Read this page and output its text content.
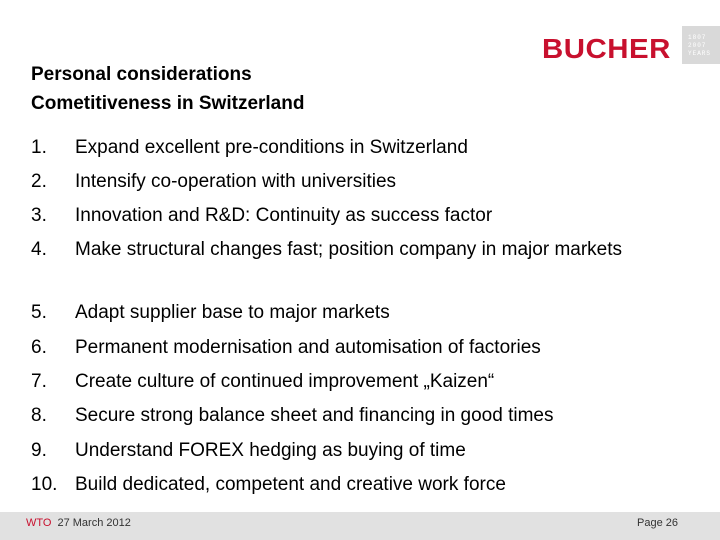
Personal considerations
Cometitiveness in Switzerland
BUCHER	1807
2007
YEARS
1.	Expand excellent pre-conditions in Switzerland
2.	Intensify co-operation with universities
3.	Innovation and R&D: Continuity as success factor
4.	Make structural changes fast; position company in major markets
5.	Adapt supplier base to major markets
6.	Permanent modernisation and automisation of factories
7.	Create culture of continued improvement „Kaizen“
8.	Secure strong balance sheet and financing in good times
9.	Understand FOREX hedging as buying of time
10. Build dedicated, competent and creative work force
WTO 27 March 2012	Page 26
